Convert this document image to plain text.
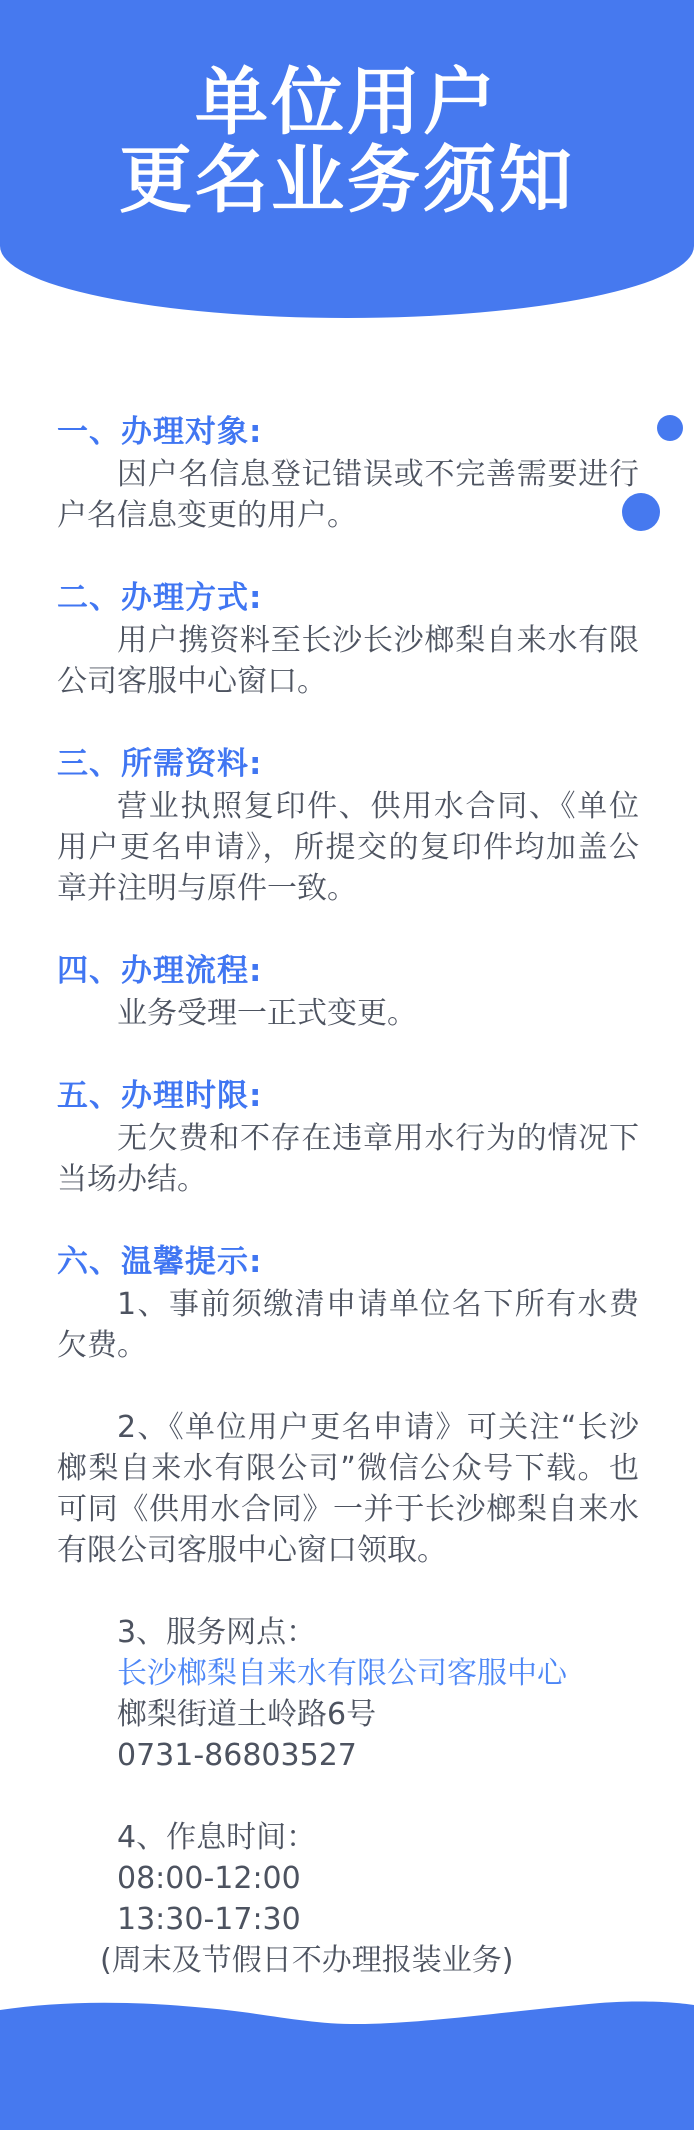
单位用户
更名业务须知
一、办理对象:

因户名信息登记错误或不完善需要进行户名信息变更的用户。

二、办理方式:

用户携资料至长沙长沙榔梨自来水有限公司客服中心窗口。

三、所需资料:

营业执照复印件、供用水合同、《单位用户更名申请》，所提交的复印件均加盖公章并注明与原件一致。

四、办理流程:

业务受理一正式变更。

五、办理时限:

无欠费和不存在违章用水行为的情况下当场办结。

六、温馨提示:

1、事前须缴清申请单位名下所有水费欠费。

2、《单位用户更名申请》可关注“长沙榔梨自来水有限公司”微信公众号下载。也可同《供用水合同》一并于长沙榔梨自来水有限公司客服中心窗口领取。

3、服务网点：
长沙榔梨自来水有限公司客服中心
榔梨街道土岭路6号
0731-86803527
4、作息时间：
08:00-12:00
13:30-17:30
(周末及节假日不办理报装业务)
